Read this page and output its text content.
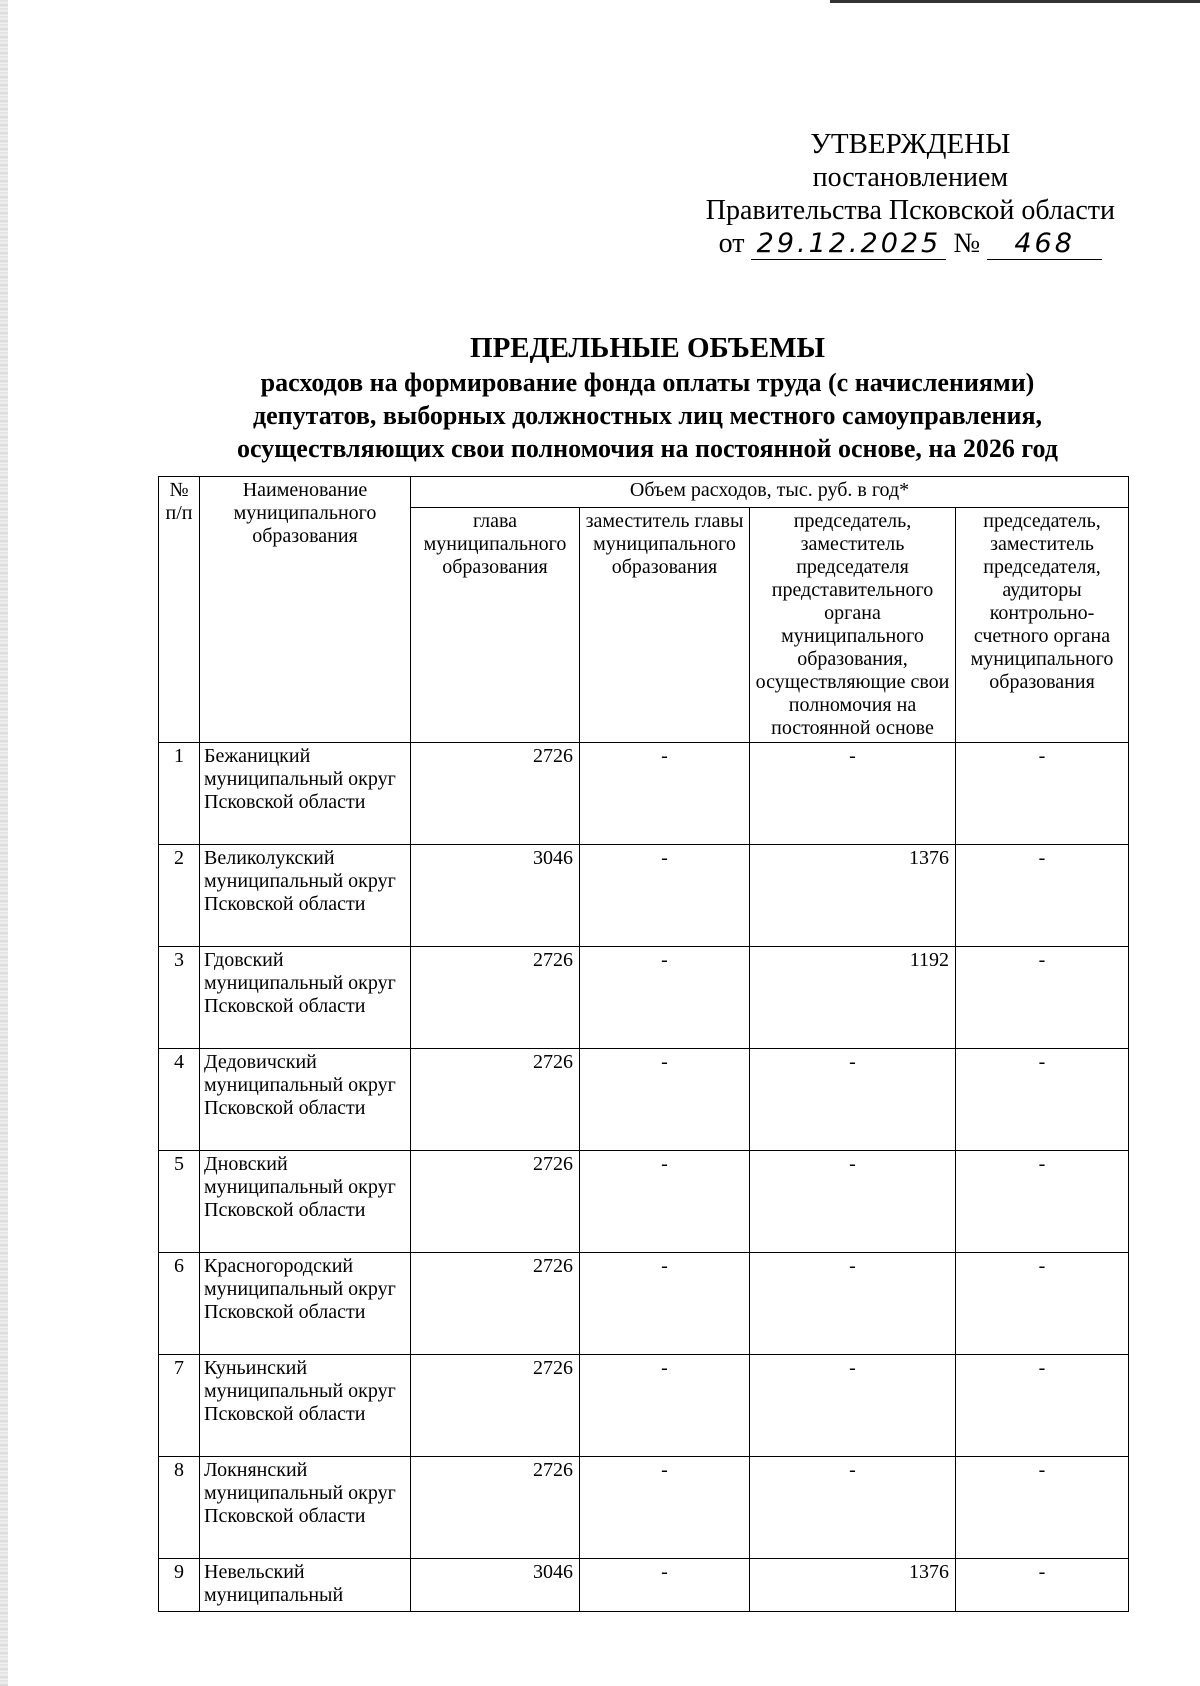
УТВЕРЖДЕНЫ
постановлением
Правительства Псковской области
от 29.12.2025 № 468
ПРЕДЕЛЬНЫЕ ОБЪЕМЫ
расходов на формирование фонда оплаты труда (с начислениями)
депутатов, выборных должностных лиц местного самоуправления,
осуществляющих свои полномочия на постоянной основе, на 2026 год
№ п/п	Наименование муниципального образования	Объем расходов, тыс. руб. в год*			
		глава муниципального образования	заместитель главы муниципального образования	председатель, заместитель председателя представительного органа муниципального образования, осуществляющие свои полномочия на постоянной основе	председатель, заместитель председателя, аудиторы контрольно-счетного органа муниципального образования
1	Бежаницкий муниципальный округ Псковской области	2726	-	-	-
2	Великолукский муниципальный округ Псковской области	3046	-	1376	-
3	Гдовский муниципальный округ Псковской области	2726	-	1192	-
4	Дедовичский муниципальный округ Псковской области	2726	-	-	-
5	Дновский муниципальный округ Псковской области	2726	-	-	-
6	Красногородский муниципальный округ Псковской области	2726	-	-	-
7	Куньинский муниципальный округ Псковской области	2726	-	-	-
8	Локнянский муниципальный округ Псковской области	2726	-	-	-
9	Невельский муниципальный	3046	-	1376	-
